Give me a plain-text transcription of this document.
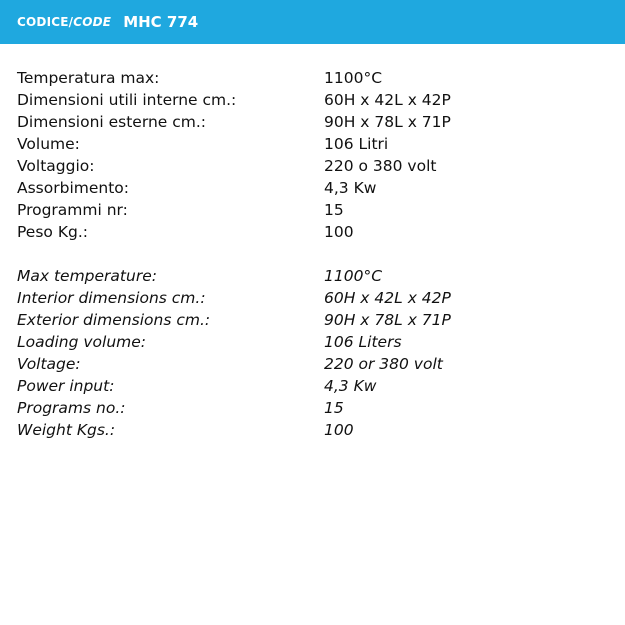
CODICE/CODE MHC 774
Temperatura max:	1100°C
Dimensioni utili interne cm.:	60H x 42L x 42P
Dimensioni esterne cm.:	90H x 78L x 71P
Volume:	106 Litri
Voltaggio:	220 o 380 volt
Assorbimento:	4,3 Kw
Programmi nr:	15
Peso Kg.:	100
Max temperature:	1100°C
Interior dimensions cm.:	60H x 42L x 42P
Exterior dimensions cm.:	90H x 78L x 71P
Loading volume:	106 Liters
Voltage:	220 or 380 volt
Power input:	4,3 Kw
Programs no.:	15
Weight Kgs.:	100
